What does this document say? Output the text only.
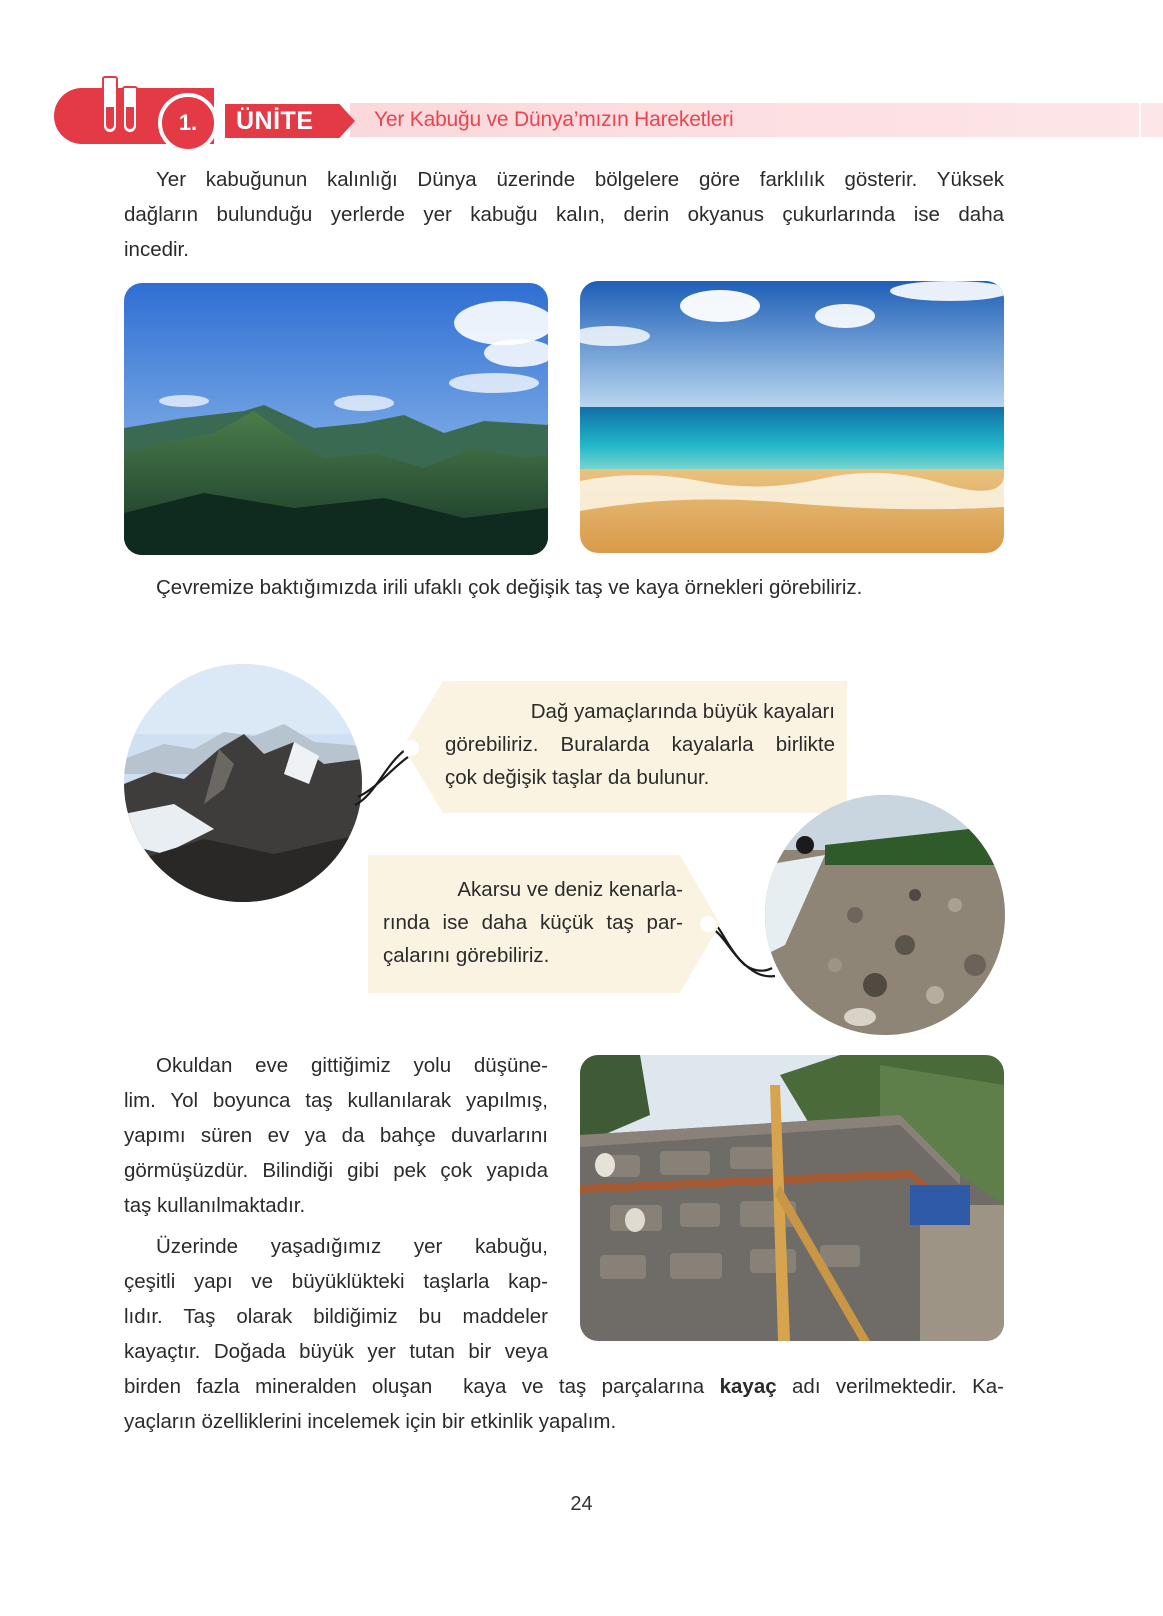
Yer Kabuğu ve Dünya’mızın Hareketleri
ÜNİTE
1.
Yer kabuğunun kalınlığı Dünya üzerinde bölgelere göre farklılık gösterir. Yüksek
dağların bulunduğu yerlerde yer kabuğu kalın, derin okyanus çukurlarında ise daha
incedir.
Çevremize baktığımızda irili ufaklı çok değişik taş ve kaya örnekleri görebiliriz.
Dağ yamaçlarında büyük kayaları
görebiliriz. Buralarda kayalarla birlikte
çok değişik taşlar da bulunur.
Akarsu ve deniz kenarla-
rında ise daha küçük taş par-
çalarını görebiliriz.
Okuldan eve gittiğimiz yolu düşüne-
lim. Yol boyunca taş kullanılarak yapılmış,
yapımı süren ev ya da bahçe duvarlarını
görmüşüzdür. Bilindiği gibi pek çok yapıda
taş kullanılmaktadır.
Üzerinde yaşadığımız yer kabuğu,
çeşitli yapı ve büyüklükteki taşlarla kap-
lıdır. Taş olarak bildiğimiz bu maddeler
kayaçtır. Doğada büyük yer tutan bir veya
birden fazla mineralden oluşan  kaya ve taş parçalarına kayaç adı verilmektedir. Ka-
yaçların özelliklerini incelemek için bir etkinlik yapalım.
24
